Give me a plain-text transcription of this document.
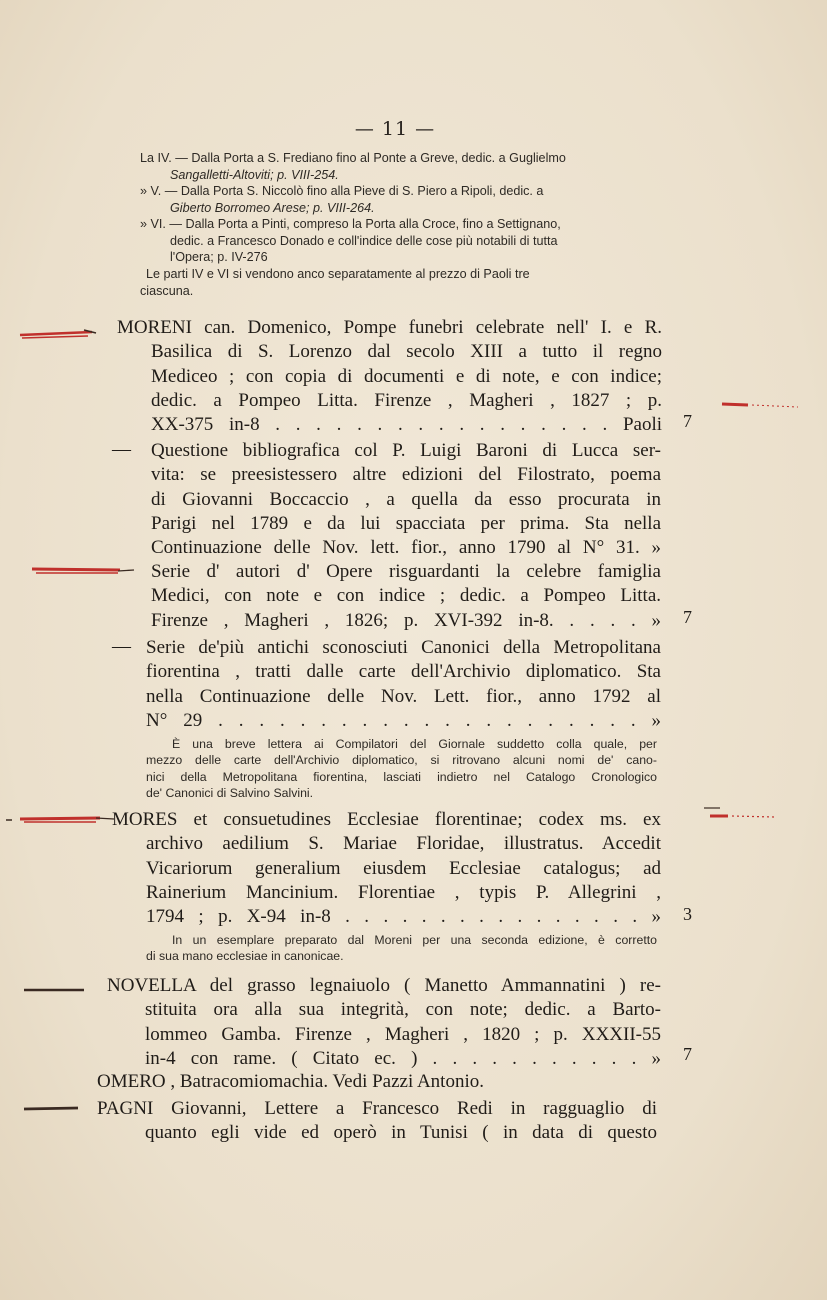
— 11 —
La IV. — Dalla Porta a S. Frediano fino al Ponte a Greve, dedic. a Guglielmo
Sangalletti-Altoviti; p. VIII-254.
» V. — Dalla Porta S. Niccolò fino alla Pieve di S. Piero a Ripoli, dedic. a
Giberto Borromeo Arese; p. VIII-264.
» VI. — Dalla Porta a Pinti, compreso la Porta alla Croce, fino a Settignano,
dedic. a Francesco Donado e coll'indice delle cose più notabili di tutta
l'Opera; p. IV-276
Le parti IV e VI si vendono anco separatamente al prezzo di Paoli tre
ciascuna.
MORENI can. Domenico, Pompe funebri celebrate nell' I. e R.
Basilica di S. Lorenzo dal secolo XIII a tutto il regno
Mediceo ; con copia di documenti e di note, e con indice;
dedic. a Pompeo Litta. Firenze , Magheri , 1827 ; p.
XX-375 in-8 . . . . . . . . . . . . . . . . . Paoli 7
— Questione bibliografica col P. Luigi Baroni di Lucca ser-
vita: se preesistessero altre edizioni del Filostrato, poema
di Giovanni Boccaccio , a quella da esso procurata in
Parigi nel 1789 e da lui spacciata per prima. Sta nella
Continuazione delle Nov. lett. fior., anno 1790 al N° 31. »
Serie d' autori d' Opere risguardanti la celebre famiglia
Medici, con note e con indice ; dedic. a Pompeo Litta.
Firenze , Magheri , 1826; p. XVI-392 in-8. . . . . » 7
— Serie de'più antichi sconosciuti Canonici della Metropolitana
fiorentina , tratti dalle carte dell'Archivio diplomatico. Sta
nella Continuazione delle Nov. Lett. fior., anno 1792 al
N° 29 . . . . . . . . . . . . . . . . . . . . . »
È una breve lettera ai Compilatori del Giornale suddetto colla quale, per
mezzo delle carte dell'Archivio diplomatico, si ritrovano alcuni nomi de' cano-
nici della Metropolitana fiorentina, lasciati indietro nel Catalogo Cronologico
de' Canonici di Salvino Salvini.
MORES et consuetudines Ecclesiae florentinae; codex ms. ex
archivo aedilium S. Mariae Floridae, illustratus. Accedit
Vicariorum generalium eiusdem Ecclesiae catalogus; ad
Rainerium Mancinium. Florentiae , typis P. Allegrini ,
1794 ; p. X-94 in-8 . . . . . . . . . . . . . . . . » 3
In un esemplare preparato dal Moreni per una seconda edizione, è corretto
di sua mano ecclesiae in canonicae.
NOVELLA del grasso legnaiuolo ( Manetto Ammannatini ) re-
stituita ora alla sua integrità, con note; dedic. a Barto-
lommeo Gamba. Firenze , Magheri , 1820 ; p. XXXII-55
in-4 con rame. ( Citato ec. ) . . . . . . . . . . . » 7
OMERO , Batracomiomachia. Vedi Pazzi Antonio.
PAGNI Giovanni, Lettere a Francesco Redi in ragguaglio di
quanto egli vide ed operò in Tunisi ( in data di questo
